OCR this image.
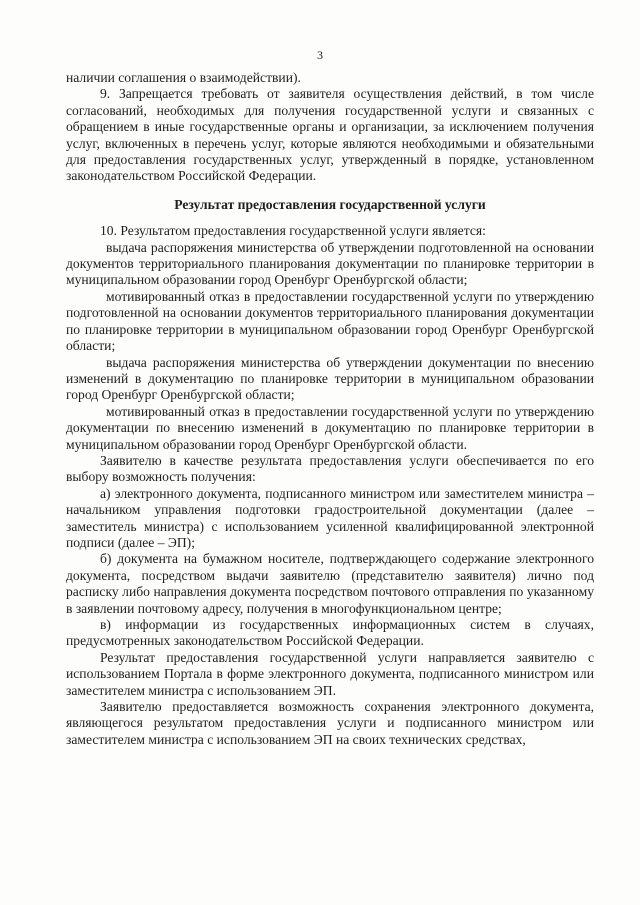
3

наличии соглашения о взаимодействии).

9. Запрещается требовать от заявителя осуществления действий, в том числе согласований, необходимых для получения государственной услуги и связанных с обращением в иные государственные органы и организации, за исключением получения услуг, включенных в перечень услуг, которые являются необходимыми и обязательными для предоставления государственных услуг, утвержденный в порядке, установленном законодательством Российской Федерации.

Результат предоставления государственной услуги

10. Результатом предоставления государственной услуги является:

выдача распоряжения министерства об утверждении подготовленной на основании документов территориального планирования документации по планировке территории в муниципальном образовании город Оренбург Оренбургской области;

мотивированный отказ в предоставлении государственной услуги по утверждению подготовленной на основании документов территориального планирования документации по планировке территории в муниципальном образовании город Оренбург Оренбургской области;

выдача распоряжения министерства об утверждении документации по внесению изменений в документацию по планировке территории в муниципальном образовании город Оренбург Оренбургской области;

мотивированный отказ в предоставлении государственной услуги по утверждению документации по внесению изменений в документацию по планировке территории в муниципальном образовании город Оренбург Оренбургской области.

Заявителю в качестве результата предоставления услуги обеспечивается по его выбору возможность получения:

а) электронного документа, подписанного министром или заместителем министра – начальником управления подготовки градостроительной документации (далее – заместитель министра) с использованием усиленной квалифицированной электронной подписи (далее – ЭП);

б) документа на бумажном носителе, подтверждающего содержание электронного документа, посредством выдачи заявителю (представителю заявителя) лично под расписку либо направления документа посредством почтового отправления по указанному в заявлении почтовому адресу, получения в многофункциональном центре;

в) информации из государственных информационных систем в случаях, предусмотренных законодательством Российской Федерации.

Результат предоставления государственной услуги направляется заявителю с использованием Портала в форме электронного документа, подписанного министром или заместителем министра с использованием ЭП.

Заявителю предоставляется возможность сохранения электронного документа, являющегося результатом предоставления услуги и подписанного министром или заместителем министра с использованием ЭП на своих технических средствах,
